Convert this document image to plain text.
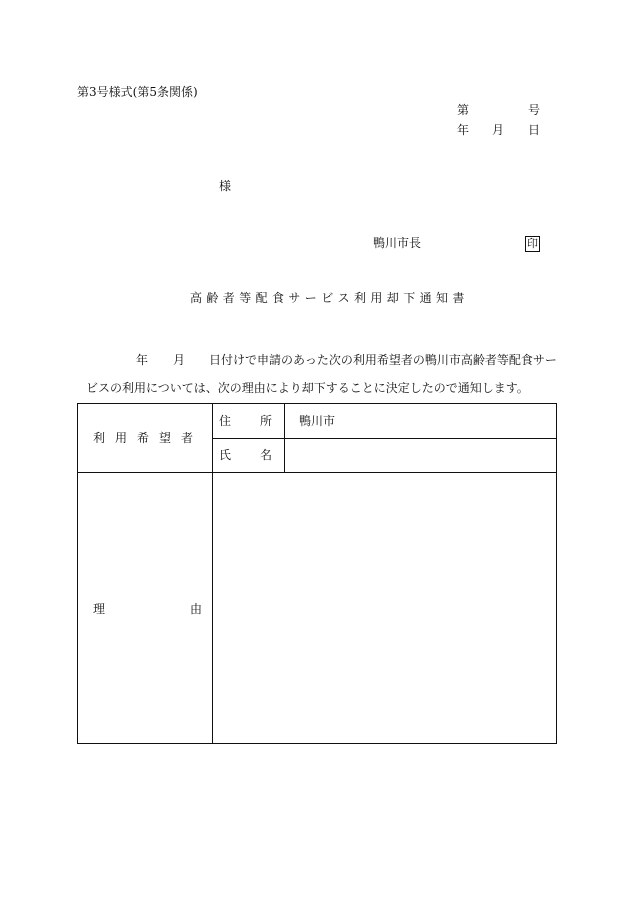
第3号様式(第5条関係)
第	号
年 月 日
様
鴨川市長	印
高齢者等配食サービス利用却下通知書
年 月 日付けで申請のあった次の利用希望者の鴨川市高齢者等配食サー
ビスの利用については、次の理由により却下することに決定したので通知します。
利用希望者
住所
鴨川市
氏名
理由
